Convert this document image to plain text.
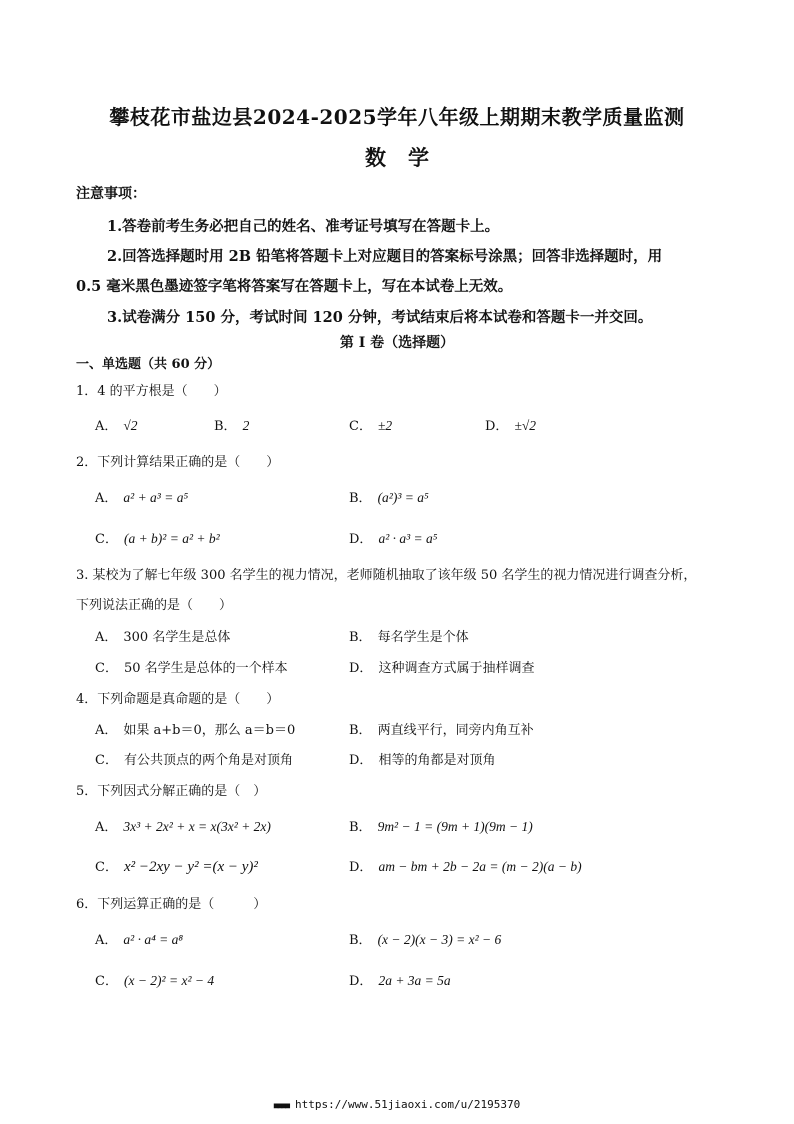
攀枝花市盐边县2024-2025学年八年级上期期末教学质量监测
数学
注意事项：
1.答卷前考生务必把自己的姓名、准考证号填写在答题卡上。
2.回答选择题时用 2B 铅笔将答题卡上对应题目的答案标号涂黑；回答非选择题时，用
0.5 毫米黑色墨迹签字笔将答案写在答题卡上，写在本试卷上无效。
3.试卷满分 150 分，考试时间 120 分钟，考试结束后将本试卷和答题卡一并交回。
第 I 卷（选择题）
一、单选题（共 60 分）
1．4 的平方根是（　　）
A． √2	B． 2	C． ±2	D． ±√2
2．下列计算结果正确的是（　　）
A． a² + a³ = a⁵	B． (a²)³ = a⁵
C． (a + b)² = a² + b²	D． a² · a³ = a⁵
3. 某校为了解七年级 300 名学生的视力情况，老师随机抽取了该年级 50 名学生的视力情况进行调查分析，
下列说法正确的是（　　）
A． 300 名学生是总体	B． 每名学生是个体
C． 50 名学生是总体的一个样本	D． 这种调查方式属于抽样调查
4．下列命题是真命题的是（　　）
A． 如果 a+b＝0，那么 a＝b＝0	B． 两直线平行，同旁内角互补
C． 有公共顶点的两个角是对顶角	D． 相等的角都是对顶角
5．下列因式分解正确的是（　）
A． 3x³ + 2x² + x = x(3x² + 2x)	B． 9m² − 1 = (9m + 1)(9m − 1)
C． x² −2xy − y² =(x − y)²	D． am − bm + 2b − 2a = (m − 2)(a − b)
6．下列运算正确的是（　　　）
A． a² · a⁴ = a⁸	B． (x − 2)(x − 3) = x² − 6
C． (x − 2)² = x² − 4	D． 2a + 3a = 5a
■■■■ https://www.51jiaoxi.com/u/2195370
